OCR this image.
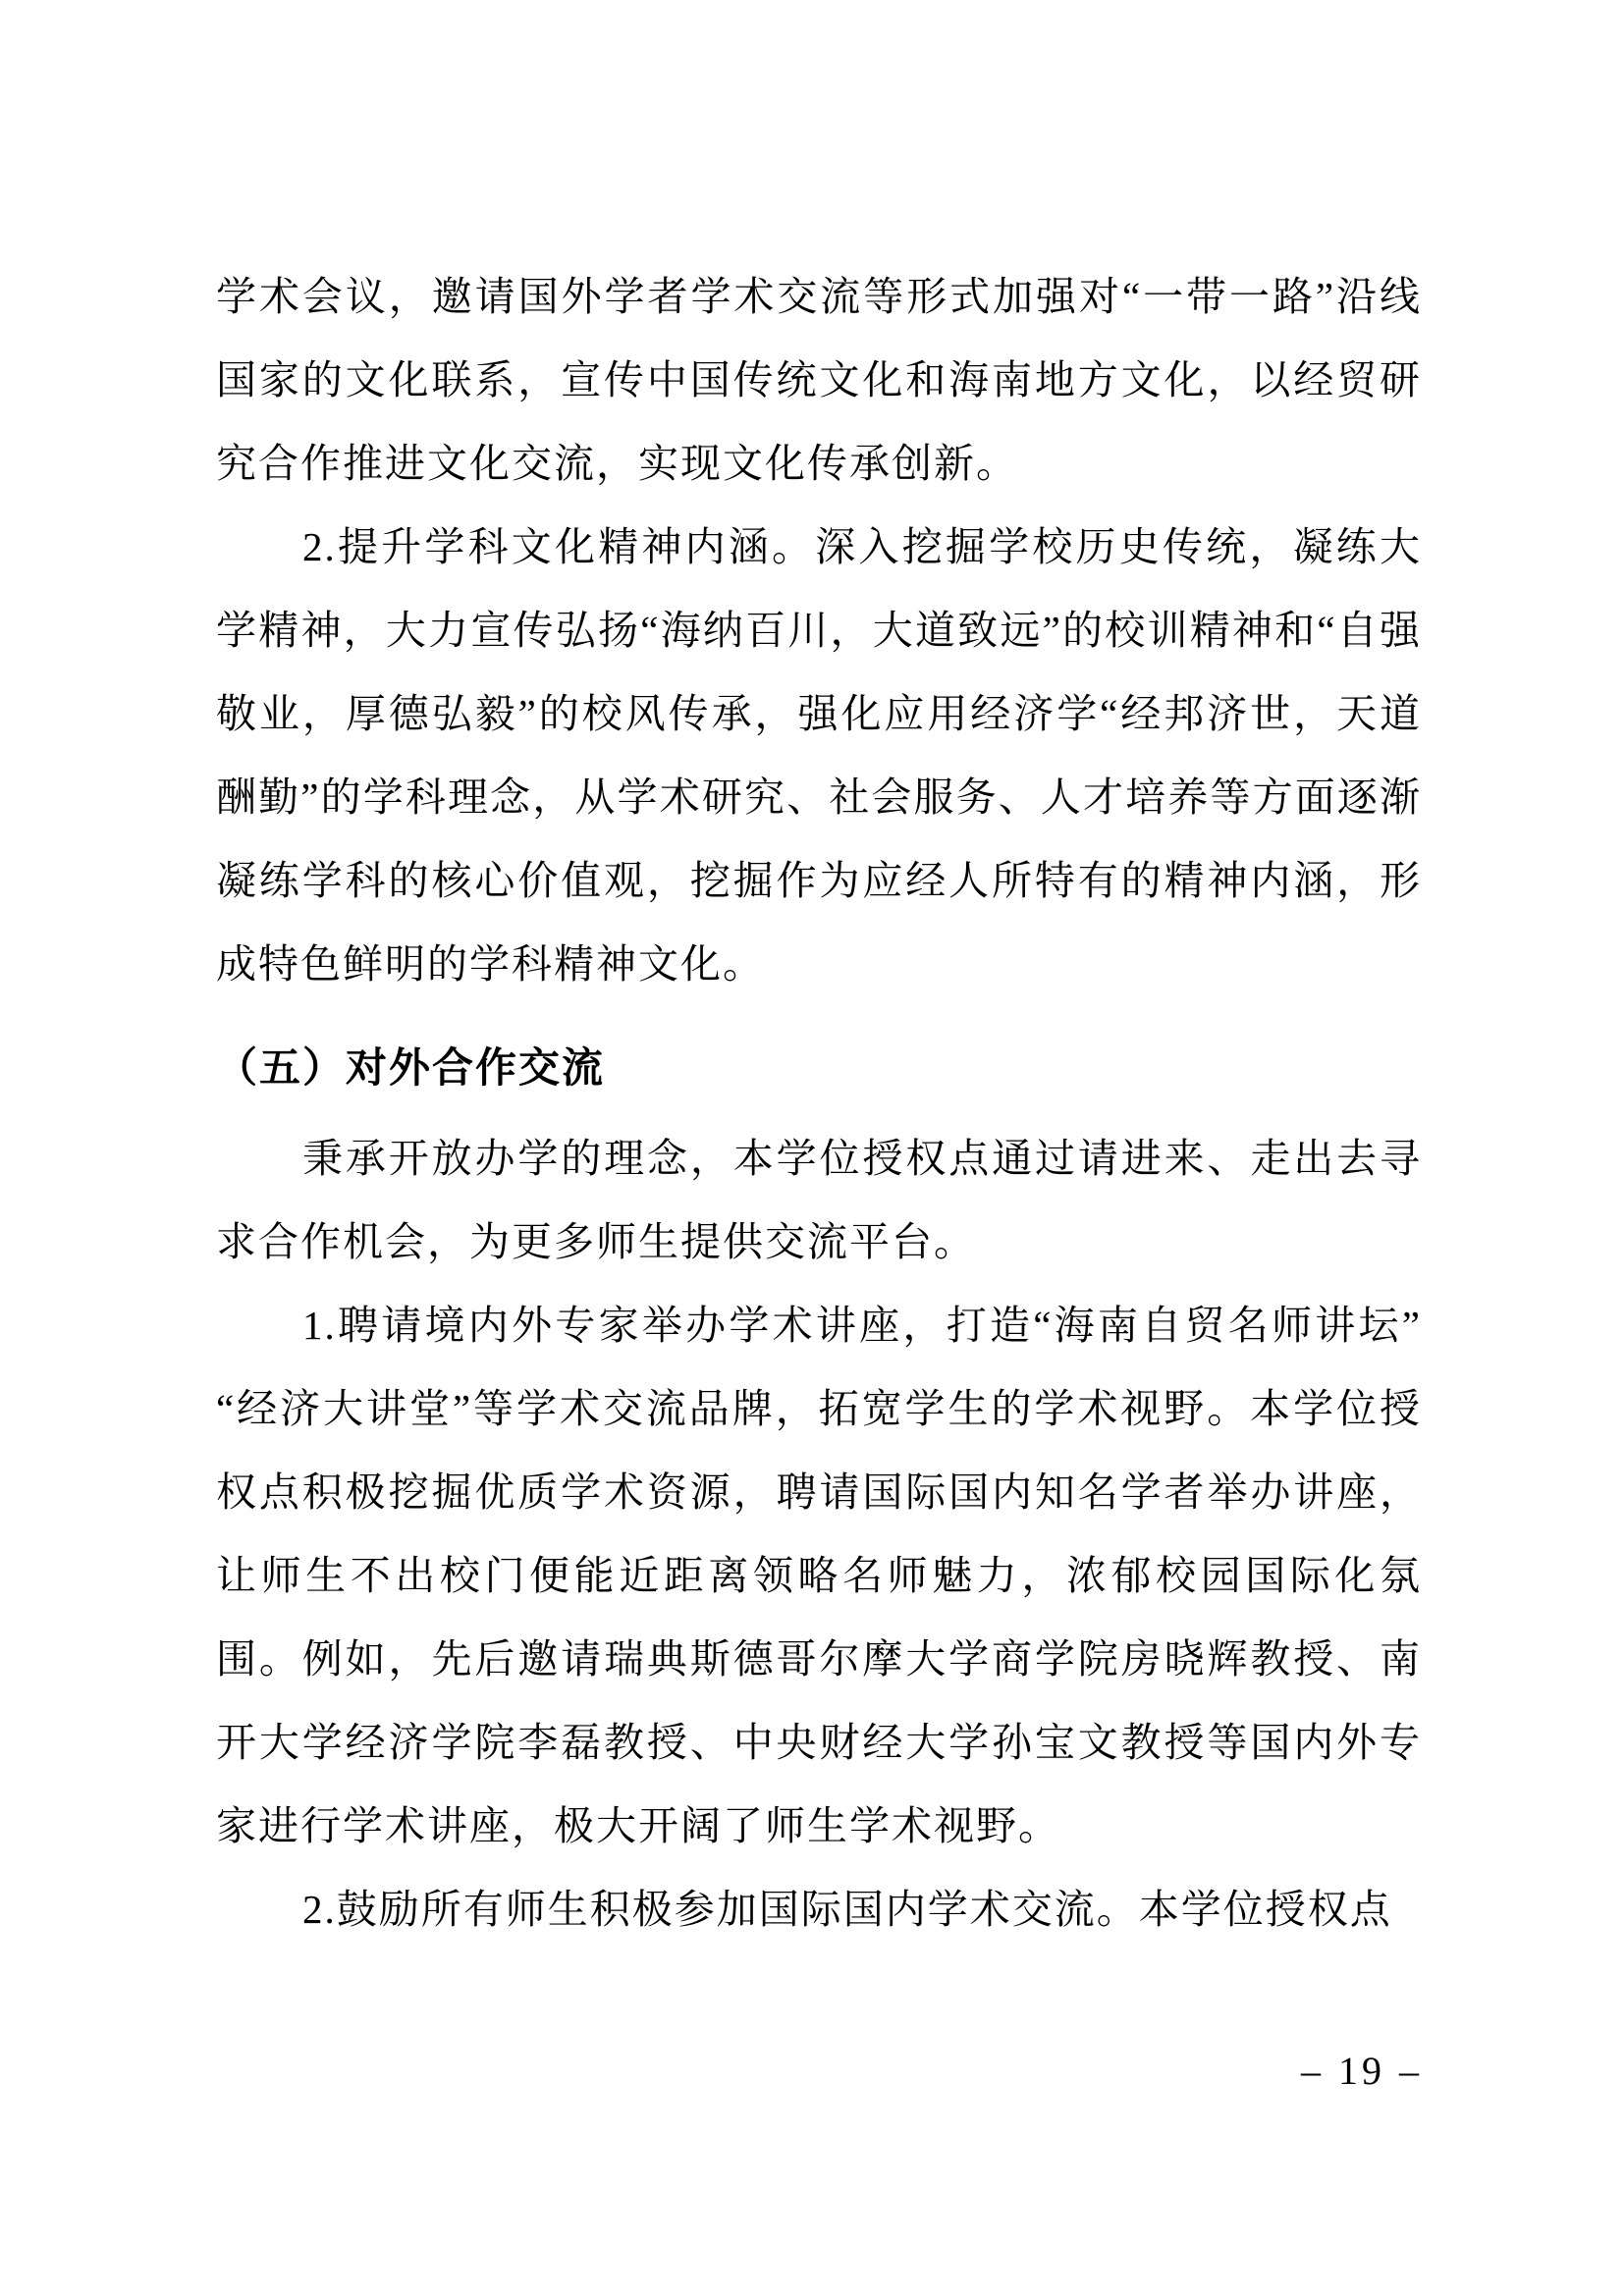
学术会议，邀请国外学者学术交流等形式加强对“一带一路”沿线国家的文化联系，宣传中国传统文化和海南地方文化，以经贸研究合作推进文化交流，实现文化传承创新。

2.提升学科文化精神内涵。深入挖掘学校历史传统，凝练大学精神，大力宣传弘扬“海纳百川，大道致远”的校训精神和“自强敬业，厚德弘毅”的校风传承，强化应用经济学“经邦济世，天道酬勤”的学科理念，从学术研究、社会服务、人才培养等方面逐渐凝练学科的核心价值观，挖掘作为应经人所特有的精神内涵，形成特色鲜明的学科精神文化。

（五）对外合作交流

秉承开放办学的理念，本学位授权点通过请进来、走出去寻求合作机会，为更多师生提供交流平台。

1.聘请境内外专家举办学术讲座，打造“海南自贸名师讲坛”“经济大讲堂”等学术交流品牌，拓宽学生的学术视野。本学位授权点积极挖掘优质学术资源，聘请国际国内知名学者举办讲座，让师生不出校门便能近距离领略名师魅力，浓郁校园国际化氛围。例如，先后邀请瑞典斯德哥尔摩大学商学院房晓辉教授、南开大学经济学院李磊教授、中央财经大学孙宝文教授等国内外专家进行学术讲座，极大开阔了师生学术视野。

2.鼓励所有师生积极参加国际国内学术交流。本学位授权点

– 19 –
